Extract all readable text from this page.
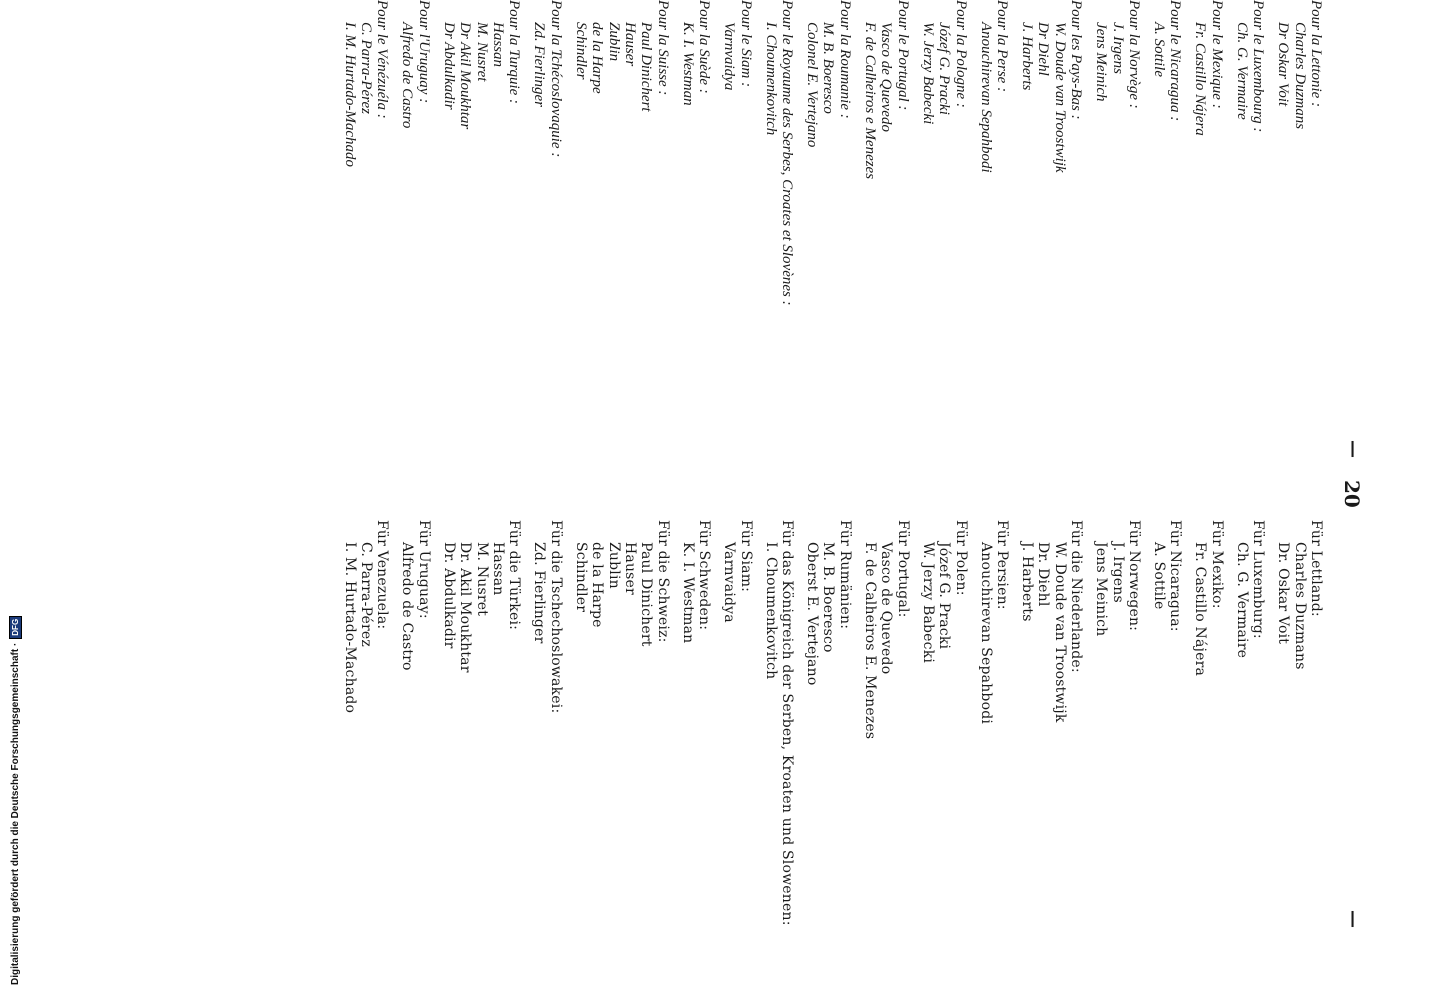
Digitalisierung gefördert durch die Deutsche Forschungsgemeinschaft ·
DFG
—
20
—
Pour la Lettonie :
Charles Duzmans
Dr Oskar Voit
Pour le Luxembourg :
Ch. G. Vermaire
Pour le Mexique :
Fr. Castillo Nájera
Pour le Nicaragua :
A. Sottile
Pour la Norvège :
J. Irgens
Jens Meinich
Pour les Pays-Bas :
W. Doude van Troostwijk
Dr Diehl
J. Harberts
Pour la Perse :
Anouchirevan Sepahbodi
Pour la Pologne :
Józef G. Pracki
W. Jerzy Babecki
Pour le Portugal :
Vasco de Quevedo
F. de Calheiros e Menezes
Pour la Roumanie :
M. B. Boeresco
Colonel E. Vertejano
Pour le Royaume des Serbes, Croates et Slovènes :
I. Choumenkovitch
Pour le Siam :
Varnvaidya
Pour la Suède :
K. I. Westman
Pour la Suisse :
Paul Dinichert
Hauser
Zublin
de la Harpe
Schindler
Pour la Tchécoslovaquie :
Zd. Fierlinger
Pour la Turquie :
Hassan
M. Nusret
Dr Akil Moukhtar
Dr Abdulkadir
Pour l'Uruguay :
Alfredo de Castro
Pour le Vénézuéla :
C. Parra-Pérez
I. M. Hurtado-Machado
Für Lettland:
Charles Duzmans
Dr. Oskar Voit
Für Luxemburg:
Ch. G. Vermaire
Für Mexiko:
Fr. Castillo Nájera
Für Nicaragua:
A. Sottile
Für Norwegen:
J. Irgens
Jens Meinich
Für die Niederlande:
W. Doude van Troostwijk
Dr. Diehl
J. Harberts
Für Persien:
Anouchirevan Sepahbodi
Für Polen:
Józef G. Pracki
W. Jerzy Babecki
Für Portugal:
Vasco de Quevedo
F. de Calheiros E. Menezes
Für Rumänien:
M. B. Boeresco
Oberst E. Vertejano
Für das Königreich der Serben, Kroaten und Slowenen:
I. Choumenkovitch
Für Siam:
Varnvaidya
Für Schweden:
K. I. Westman
Für die Schweiz:
Paul Dinichert
Hauser
Zublin
de la Harpe
Schindler
Für die Tschechoslowakei:
Zd. Fierlinger
Für die Türkei:
Hassan
M. Nusret
Dr. Akil Moukhtar
Dr. Abdulkadir
Für Uruguay:
Alfredo de Castro
Für Venezuela:
C. Parra-Pérez
I. M. Hurtado-Machado
